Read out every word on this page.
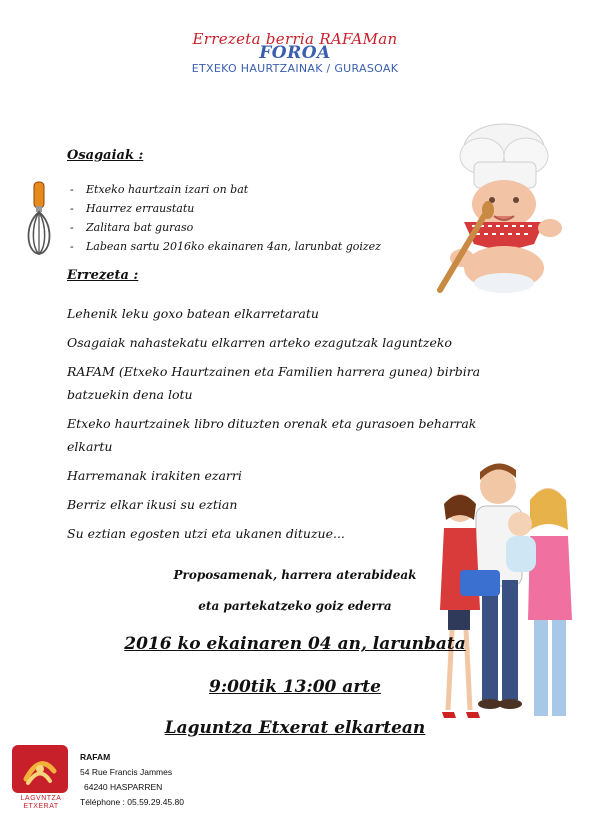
Errezeta berria RAFAMan
FOROA
ETXEKO HAURTZAINAK / GURASOAK
Osagaiak :
- Etxeko haurtzain izari on bat
- Haurrez erraustatu
- Zalitara bat guraso
- Labean sartu 2016ko ekainaren 4an, larunbat goizez
Errezeta :

Lehenik leku goxo batean elkarretaratu

Osagaiak nahastekatu elkarren arteko ezagutzak laguntzeko

RAFAM (Etxeko Haurtzainen eta Familien harrera gunea) birbira batzuekin dena lotu

Etxeko haurtzainek libro dituzten orenak eta gurasoen beharrak elkartu

Harremanak irakiten ezarri

Berriz elkar ikusi su eztian

Su eztian egosten utzi eta ukanen dituzue...

Proposamenak, harrera aterabideak
eta partekatzeko goiz ederra
2016 ko ekainaren 04 an, larunbata
9:00tik 13:00 arte
Laguntza Etxerat elkartean
LAGVNTZA
ETXERAT
RAFAM
54 Rue Francis Jammes
64240 HASPARREN
Téléphone : 05.59.29.45.80
